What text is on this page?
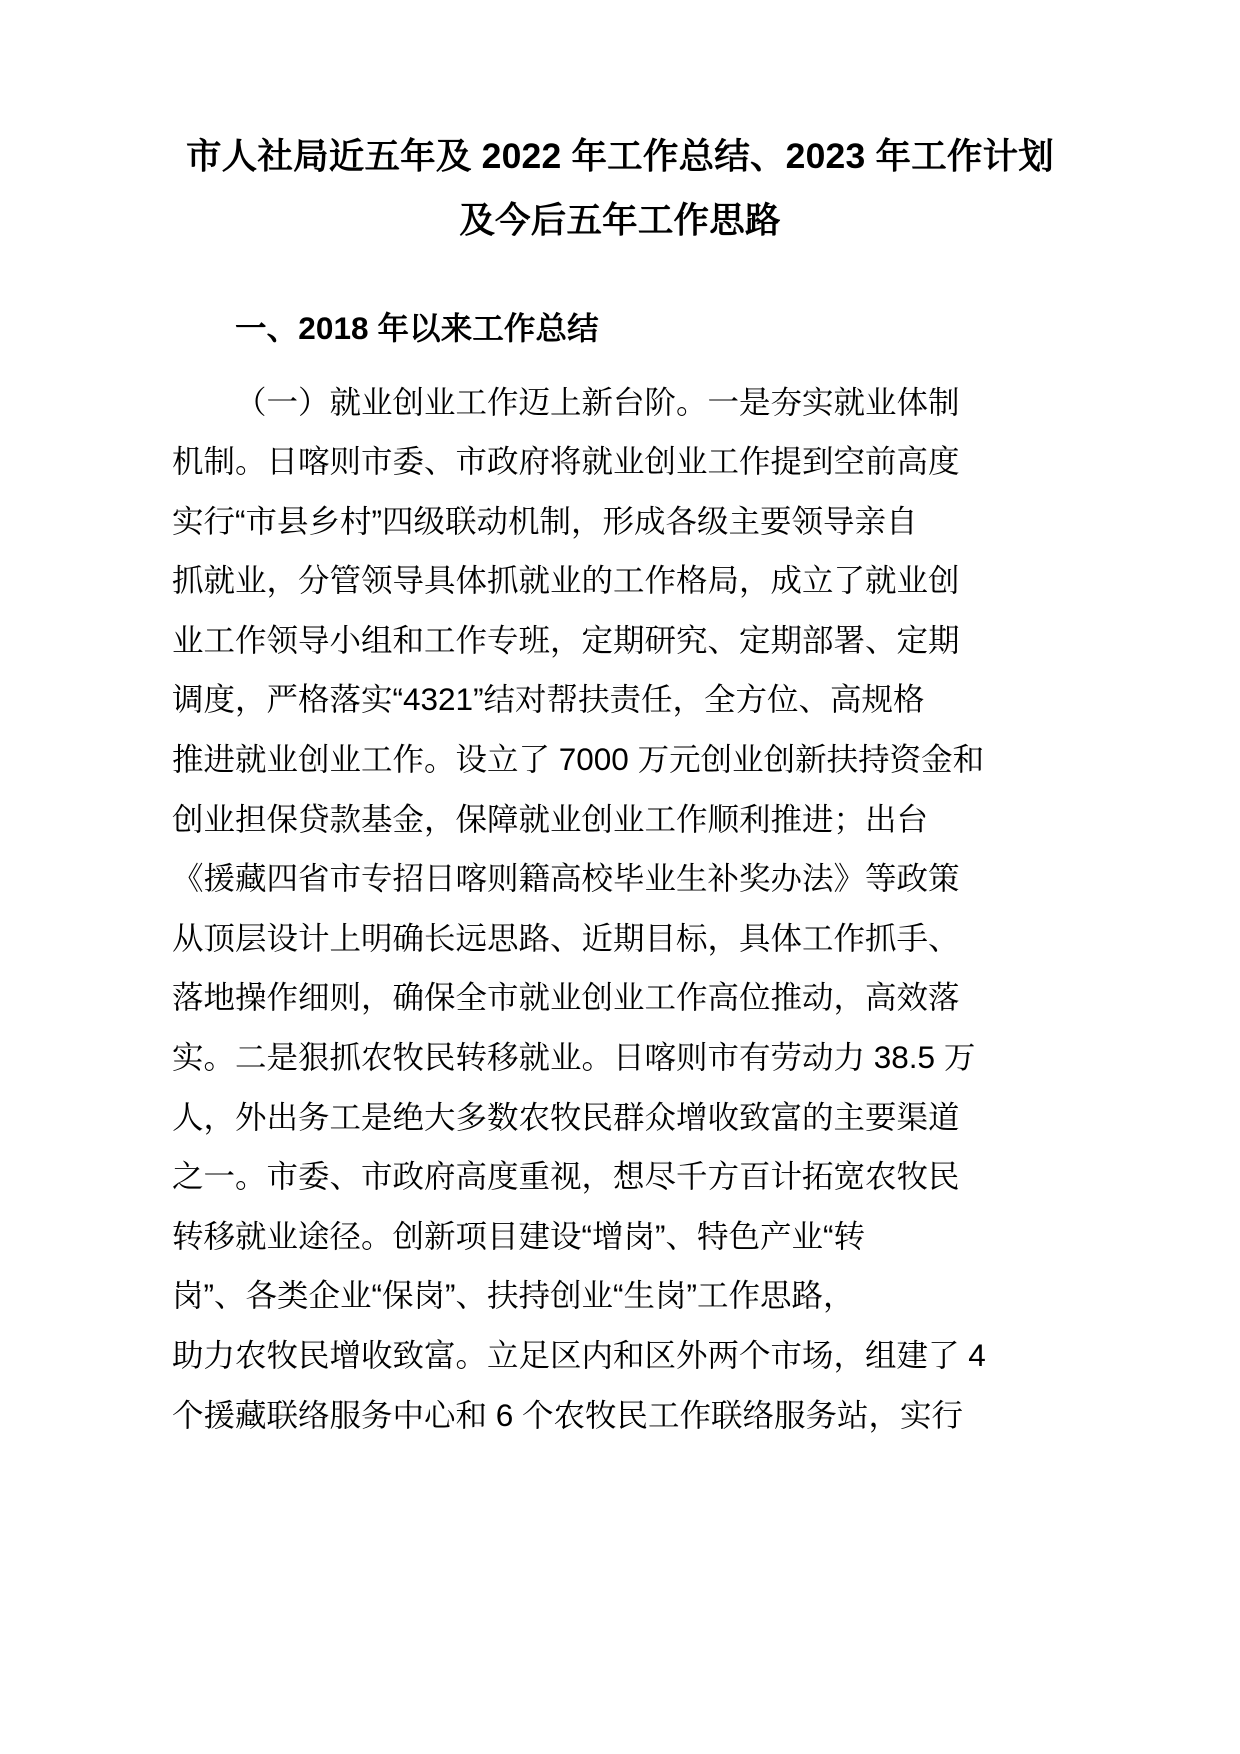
市人社局近五年及 2022 年工作总结、2023 年工作计划
及今后五年工作思路
一、2018 年以来工作总结
（一）就业创业工作迈上新台阶。一是夯实就业体制
机制。日喀则市委、市政府将就业创业工作提到空前高度
实行“市县乡村”四级联动机制，形成各级主要领导亲自
抓就业，分管领导具体抓就业的工作格局，成立了就业创
业工作领导小组和工作专班，定期研究、定期部署、定期
调度，严格落实“4321”结对帮扶责任，全方位、高规格
推进就业创业工作。设立了 7000 万元创业创新扶持资金和
创业担保贷款基金，保障就业创业工作顺利推进；出台
《援藏四省市专招日喀则籍高校毕业生补奖办法》等政策
从顶层设计上明确长远思路、近期目标，具体工作抓手、
落地操作细则，确保全市就业创业工作高位推动，高效落
实。二是狠抓农牧民转移就业。日喀则市有劳动力 38.5 万
人，外出务工是绝大多数农牧民群众增收致富的主要渠道
之一。市委、市政府高度重视，想尽千方百计拓宽农牧民
转移就业途径。创新项目建设“增岗”、特色产业“转
岗”、各类企业“保岗”、扶持创业“生岗”工作思路，
助力农牧民增收致富。立足区内和区外两个市场，组建了 4
个援藏联络服务中心和 6 个农牧民工作联络服务站，实行
